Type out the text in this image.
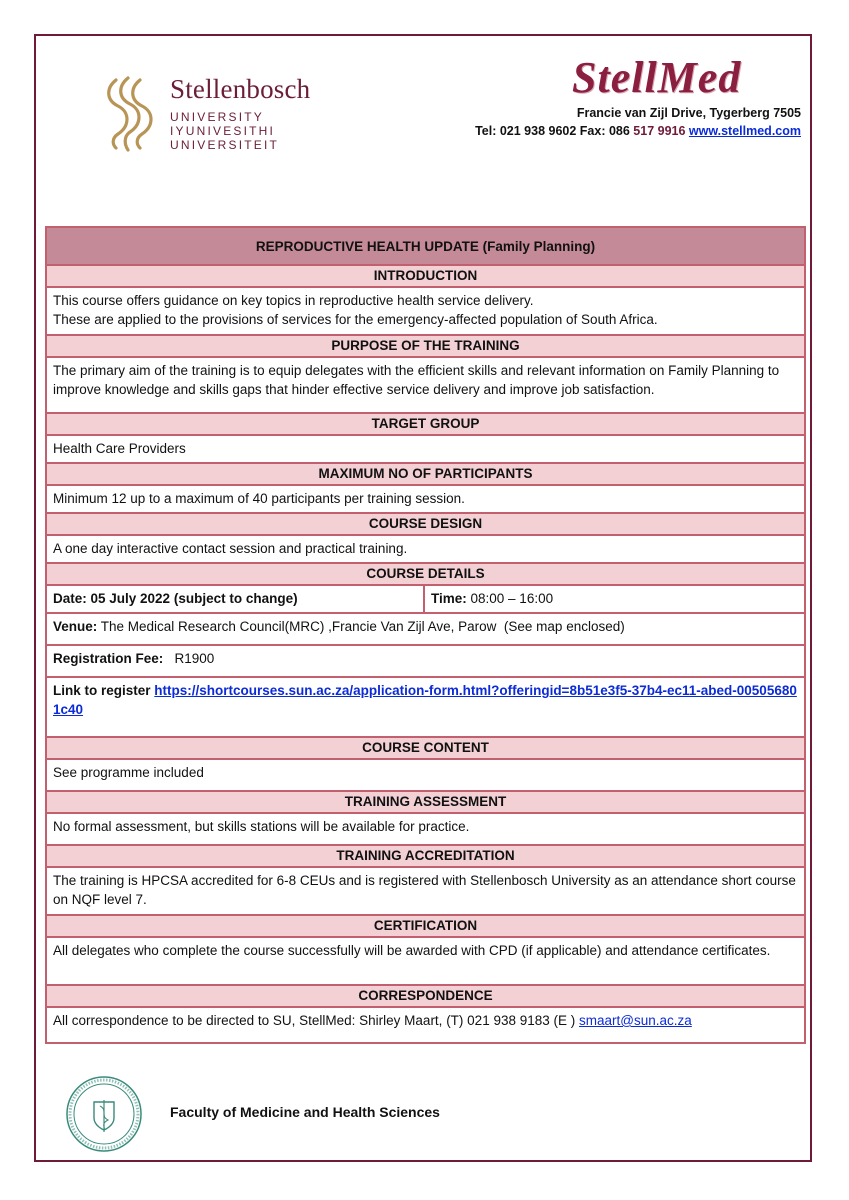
Stellenbosch
UNIVERSITY
IYUNIVESITHI
UNIVERSITEIT
StellMed
Francie van Zijl Drive, Tygerberg 7505
Tel: 021 938 9602 Fax: 086 517 9916 www.stellmed.com
REPRODUCTIVE HEALTH UPDATE (Family Planning)
INTRODUCTION

This course offers guidance on key topics in reproductive health service delivery.
These are applied to the provisions of services for the emergency-affected population of South Africa.

PURPOSE OF THE TRAINING
The primary aim of the training is to equip delegates with the efficient skills and relevant information on Family Planning to improve knowledge and skills gaps that hinder effective service delivery and improve job satisfaction.
TARGET GROUP
Health Care Providers
MAXIMUM NO OF PARTICIPANTS
Minimum 12 up to a maximum of 40 participants per training session.
COURSE DESIGN
A one day interactive contact session and practical training.
COURSE DETAILS
Date: 05 July 2022 (subject to change)	Time: 08:00 – 16:00
Venue: The Medical Research Council(MRC) ,Francie Van Zijl Ave, Parow  (See map enclosed)
Registration Fee:   R1900
Link to register https://shortcourses.sun.ac.za/application-form.html?offeringid=8b51e3f5-37b4-ec11-abed-005056801c40
COURSE CONTENT
See programme included
TRAINING ASSESSMENT
No formal assessment, but skills stations will be available for practice.
TRAINING ACCREDITATION
The training is HPCSA accredited for 6-8 CEUs and is registered with Stellenbosch University as an attendance short course on NQF level 7.
CERTIFICATION
All delegates who complete the course successfully will be awarded with CPD (if applicable) and attendance certificates.
CORRESPONDENCE
All correspondence to be directed to SU, StellMed: Shirley Maart, (T) 021 938 9183 (E ) smaart@sun.ac.za
Faculty of Medicine and Health Sciences
